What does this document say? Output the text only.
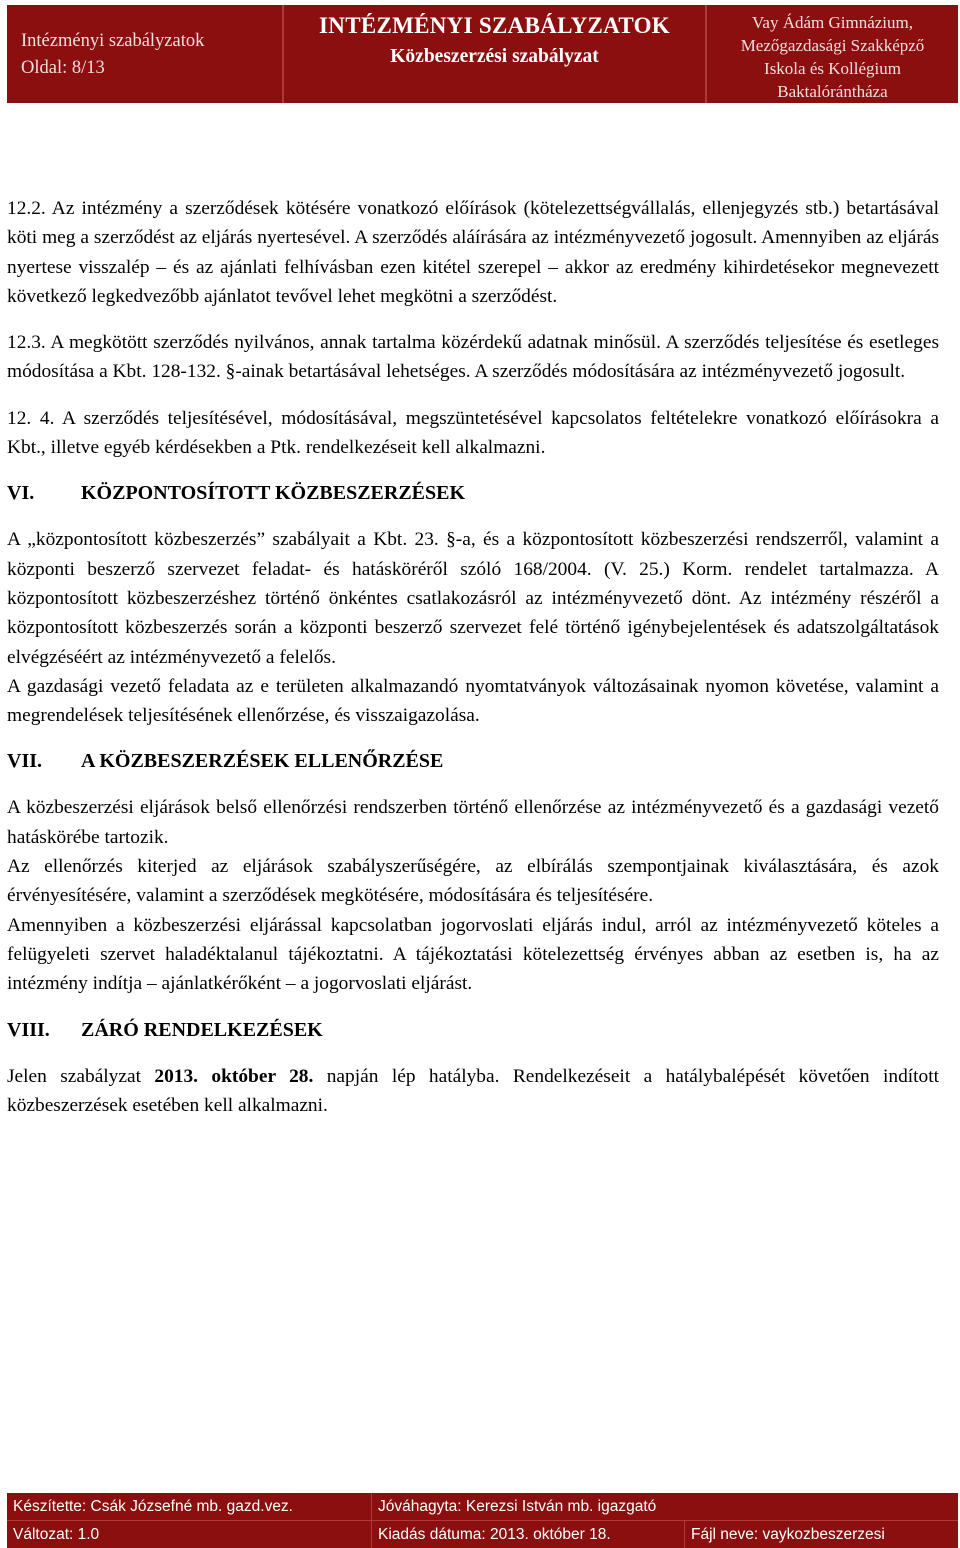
Intézményi szabályzatok
Oldal: 8/13
INTÉZMÉNYI SZABÁLYZATOK
Közbeszerzési szabályzat
Vay Ádám Gimnázium,
Mezőgazdasági Szakképző
Iskola és Kollégium
Baktalórántháza

12.2. Az intézmény a szerződések kötésére vonatkozó előírások (kötelezettségvállalás, ellenjegyzés stb.) betartásával köti meg a szerződést az eljárás nyertesével. A szerződés aláírására az intézményvezető jogosult. Amennyiben az eljárás nyertese visszalép – és az ajánlati felhívásban ezen kitétel szerepel – akkor az eredmény kihirdetésekor megnevezett következő legkedvezőbb ajánlatot tevővel lehet megkötni a szerződést.

12.3. A megkötött szerződés nyilvános, annak tartalma közérdekű adatnak minősül. A szerződés teljesítése és esetleges módosítása a Kbt. 128-132. §-ainak betartásával lehetséges. A szerződés módosítására az intézményvezető jogosult.

12. 4. A szerződés teljesítésével, módosításával, megszüntetésével kapcsolatos feltételekre vonatkozó előírásokra a Kbt., illetve egyéb kérdésekben a Ptk. rendelkezéseit kell alkalmazni.

VI.	KÖZPONTOSÍTOTT KÖZBESZERZÉSEK

A „központosított közbeszerzés” szabályait a Kbt. 23. §-a, és a központosított közbeszerzési rendszerről, valamint a központi beszerző szervezet feladat- és hatásköréről szóló 168/2004. (V. 25.) Korm. rendelet tartalmazza. A központosított közbeszerzéshez történő önkéntes csatlakozásról az intézményvezető dönt. Az intézmény részéről a központosított közbeszerzés során a központi beszerző szervezet felé történő igénybejelentések és adatszolgáltatások elvégzéséért az intézményvezető a felelős.

A gazdasági vezető feladata az e területen alkalmazandó nyomtatványok változásainak nyomon követése, valamint a megrendelések teljesítésének ellenőrzése, és visszaigazolása.

VII.	A KÖZBESZERZÉSEK ELLENŐRZÉSE

A közbeszerzési eljárások belső ellenőrzési rendszerben történő ellenőrzése az intézményvezető és a gazdasági vezető hatáskörébe tartozik.

Az ellenőrzés kiterjed az eljárások szabályszerűségére, az elbírálás szempontjainak kiválasztására, és azok érvényesítésére, valamint a szerződések megkötésére, módosítására és teljesítésére.

Amennyiben a közbeszerzési eljárással kapcsolatban jogorvoslati eljárás indul, arról az intézményvezető köteles a felügyeleti szervet haladéktalanul tájékoztatni. A tájékoztatási kötelezettség érvényes abban az esetben is, ha az intézmény indítja – ajánlatkérőként – a jogorvoslati eljárást.

VIII.	ZÁRÓ RENDELKEZÉSEK

Jelen szabályzat 2013. október 28. napján lép hatályba. Rendelkezéseit a hatálybalépését követően indított közbeszerzések esetében kell alkalmazni.

Készítette: Csák Józsefné mb. gazd.vez.	Jóváhagyta: Kerezsi István mb. igazgató
Változat: 1.0	Kiadás dátuma: 2013. október 18.	Fájl neve: vaykozbeszerzesi
